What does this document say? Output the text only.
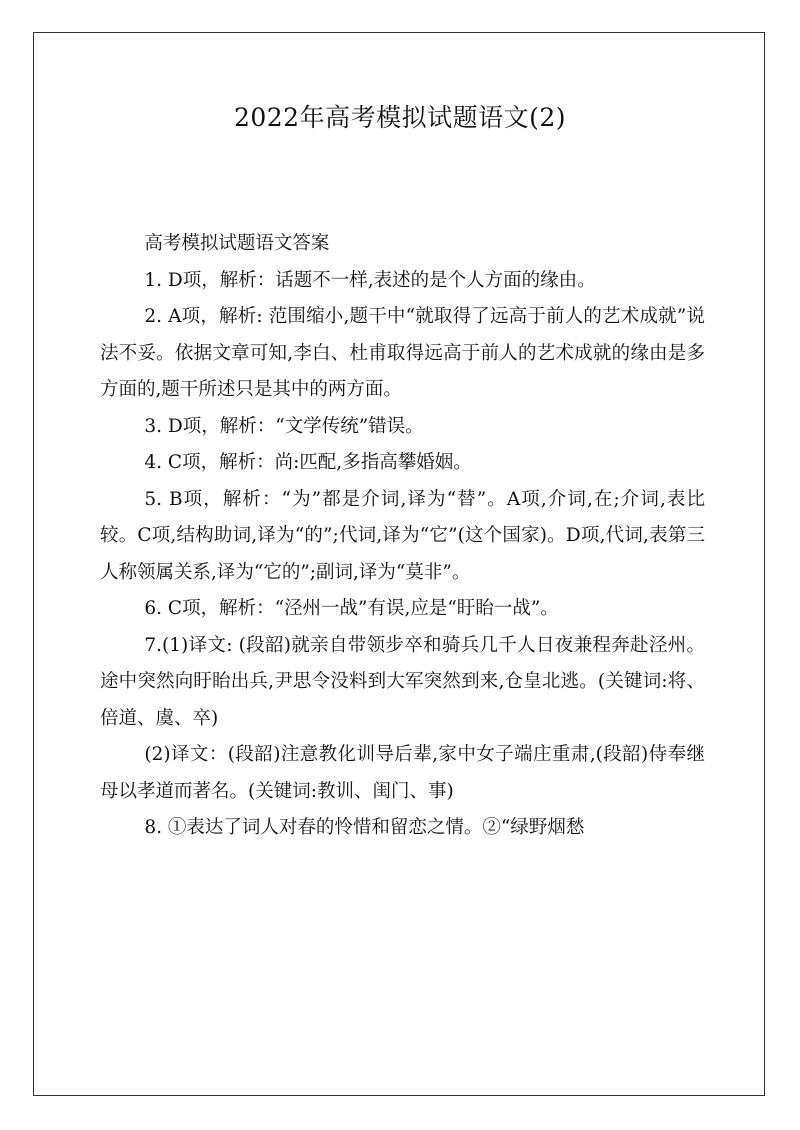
2022年高考模拟试题语文(2)

高考模拟试题语文答案

1. D项，解析：话题不一样,表述的是个人方面的缘由。

2. A项，解析: 范围缩小,题干中“就取得了远高于前人的艺术成就”说法不妥。依据文章可知,李白、杜甫取得远高于前人的艺术成就的缘由是多方面的,题干所述只是其中的两方面。

3. D项，解析：“文学传统”错误。

4. C项，解析：尚:匹配,多指高攀婚姻。

5. B项，解析：“为”都是介词,译为“替”。A项,介词,在;介词,表比较。C项,结构助词,译为“的”;代词,译为“它”(这个国家)。D项,代词,表第三人称领属关系,译为“它的”;副词,译为“莫非”。

6. C项，解析：“泾州一战”有误,应是“盱眙一战”。

7.(1)译文: (段韶)就亲自带领步卒和骑兵几千人日夜兼程奔赴泾州。途中突然向盱眙出兵,尹思令没料到大军突然到来,仓皇北逃。(关键词:将、倍道、虞、卒)

(2)译文：(段韶)注意教化训导后辈,家中女子端庄重肃,(段韶)侍奉继母以孝道而著名。(关键词:教训、闺门、事)

8. ①表达了词人对春的怜惜和留恋之情。②“绿野烟愁
